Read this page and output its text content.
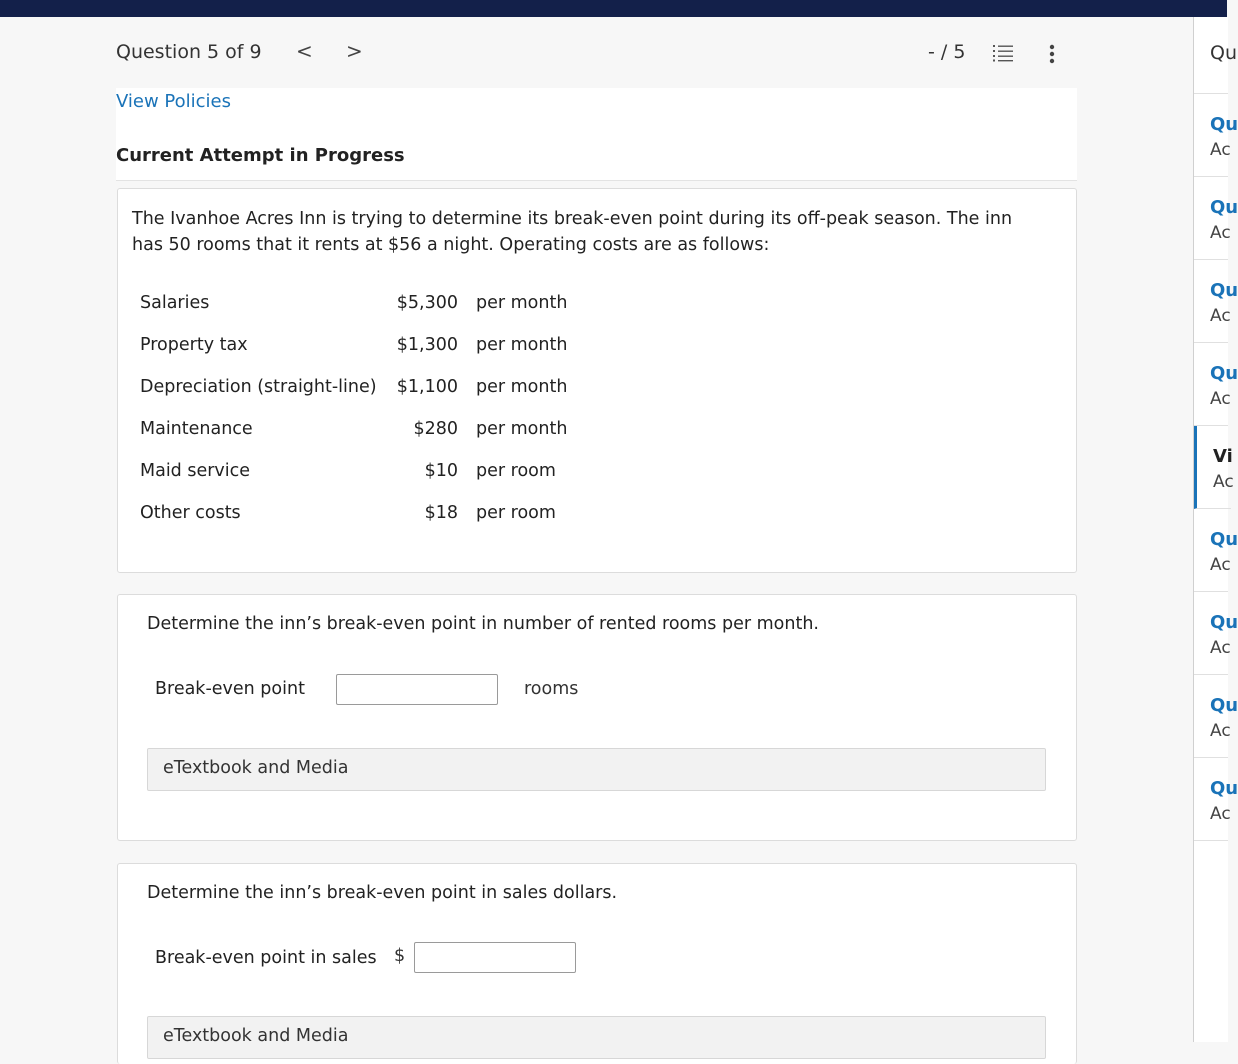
Question 5 of 9 < >	- / 5
View Policies
Current Attempt in Progress
The Ivanhoe Acres Inn is trying to determine its break-even point during its off-peak season. The inn has 50 rooms that it rents at $56 a night. Operating costs are as follows:
Salaries	$5,300 per month
Property tax	$1,300 per month
Depreciation (straight-line) $1,100 per month
Maintenance	$280 per month
Maid service	$10 per room
Other costs	$18 per room
Determine the inn’s break-even point in number of rented rooms per month.
Break-even point	rooms
eTextbook and Media
Determine the inn’s break-even point in sales dollars.
Break-even point in sales $
eTextbook and Media
Qu
Qu
Ac
Qu
Ac
Qu
Ac
Qu
Ac
Vi
Ac
Qu
Ac
Qu
Ac
Qu
Ac
Qu
Ac
